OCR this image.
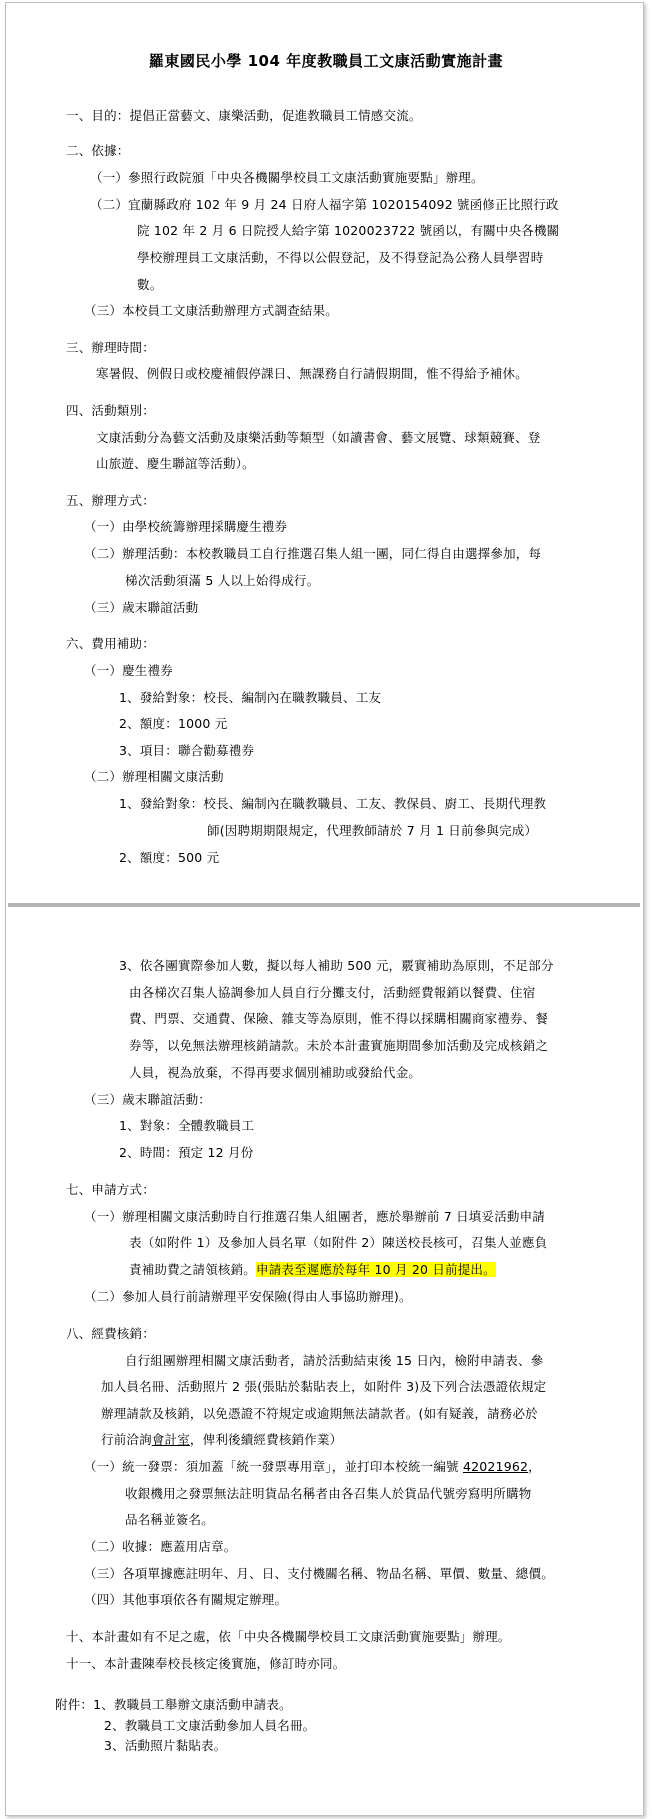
羅東國民小學 104 年度教職員工文康活動實施計畫
一、目的：提倡正當藝文、康樂活動，促進教職員工情感交流。
二、依據：
（一）參照行政院頒「中央各機關學校員工文康活動實施要點」辦理。
（二）宜蘭縣政府 102 年 9 月 24 日府人福字第 1020154092 號函修正比照行政
院 102 年 2 月 6 日院授人給字第 1020023722 號函以，有關中央各機關
學校辦理員工文康活動，不得以公假登記，及不得登記為公務人員學習時
數。
（三）本校員工文康活動辦理方式調查結果。
三、辦理時間：
寒暑假、例假日或校慶補假停課日、無課務自行請假期間，惟不得給予補休。
四、活動類別：
文康活動分為藝文活動及康樂活動等類型（如讀書會、藝文展覽、球類競賽、登
山旅遊、慶生聯誼等活動）。
五、辦理方式：
（一）由學校統籌辦理採購慶生禮券
（二）辦理活動：本校教職員工自行推選召集人組一團，同仁得自由選擇參加，每
梯次活動須滿 5 人以上始得成行。
（三）歲末聯誼活動
六、費用補助：
（一）慶生禮券
1、發給對象：校長、編制內在職教職員、工友
2、額度：1000 元
3、項目：聯合勸募禮券
（二）辦理相關文康活動
1、發給對象：校長、編制內在職教職員、工友、教保員、廚工、長期代理教
師(因聘期期限規定，代理教師請於 7 月 1 日前參與完成）
2、額度：500 元
3、依各團實際參加人數，擬以每人補助 500 元，覈實補助為原則，不足部分
由各梯次召集人協調參加人員自行分攤支付，活動經費報銷以餐費、住宿
費、門票、交通費、保險、雜支等為原則，惟不得以採購相關商家禮券、餐
券等，以免無法辦理核銷請款。未於本計畫實施期間參加活動及完成核銷之
人員，視為放棄，不得再要求個別補助或發給代金。
（三）歲末聯誼活動：
1、對象：全體教職員工
2、時間：預定 12 月份
七、申請方式：
（一）辦理相關文康活動時自行推選召集人組團者，應於舉辦前 7 日填妥活動申請
表（如附件 1）及參加人員名單（如附件 2）陳送校長核可，召集人並應負
責補助費之請領核銷。申請表至遲應於每年 10 月 20 日前提出。
（二）參加人員行前請辦理平安保險(得由人事協助辦理)。
八、經費核銷：
自行組團辦理相關文康活動者，請於活動結束後 15 日內，檢附申請表、參
加人員名冊、活動照片 2 張(張貼於黏貼表上，如附件 3)及下列合法憑證依規定
辦理請款及核銷，以免憑證不符規定或逾期無法請款者。(如有疑義，請務必於
行前洽詢會計室，俾利後續經費核銷作業）
（一）統一發票：須加蓋「統一發票專用章」，並打印本校統一編號 42021962，
收銀機用之發票無法註明貨品名稱者由各召集人於貨品代號旁寫明所購物
品名稱並簽名。
（二）收據：應蓋用店章。
（三）各項單據應註明年、月、日、支付機關名稱、物品名稱、單價、數量、總價。
（四）其他事項依各有關規定辦理。
十、本計畫如有不足之處，依「中央各機關學校員工文康活動實施要點」辦理。
十一、本計畫陳奉校長核定後實施，修訂時亦同。
附件：1、教職員工舉辦文康活動申請表。
2、教職員工文康活動參加人員名冊。
3、活動照片黏貼表。
